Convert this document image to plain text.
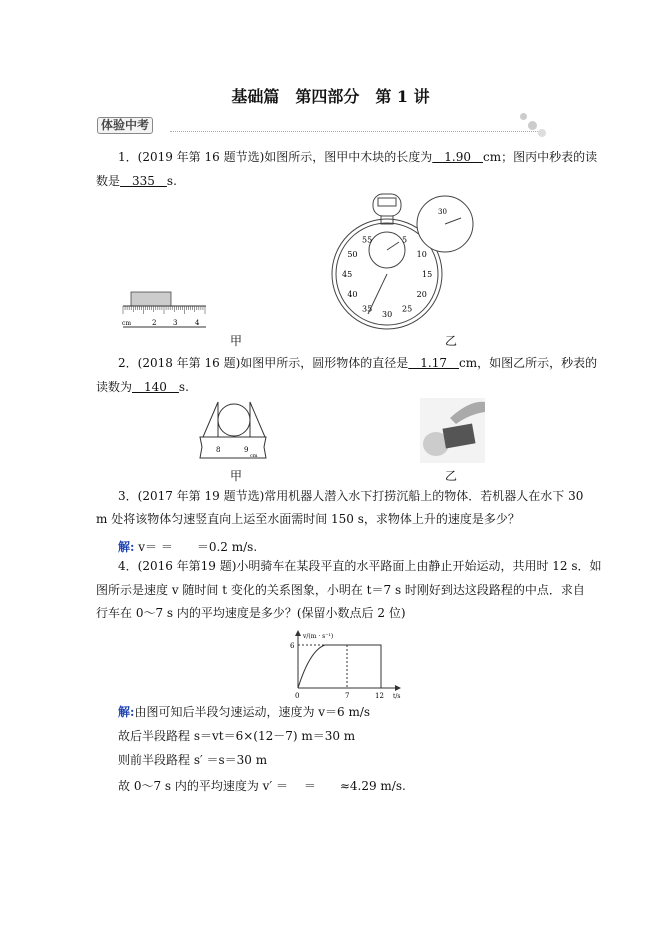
基础篇　第四部分　第 1 讲
体验中考
1．(2019 年第 16 题节选)如图所示，图甲中木块的长度为　1.90　cm；图丙中秒表的读
数是　335　s.
cm	2 3	4
30
55
50
45
40
35
30
25
20
15
10
5
甲	乙
2．(2018 年第 16 题)如图甲所示，圆形物体的直径是　1.17　cm，如图乙所示，秒表的
读数为　140　s.
8	9
cm
甲	乙
3．(2017 年第 19 题节选)常用机器人潜入水下打捞沉船上的物体．若机器人在水下 30
m 处将该物体匀速竖直向上运至水面需时间 150 s，求物体上升的速度是多少？
解: v＝ ＝　　＝0.2 m/s.
4．(2016 年第19 题)小明骑车在某段平直的水平路面上由静止开始运动，共用时 12 s．如
图所示是速度 v 随时间 t 变化的关系图象，小明在 t＝7 s 时刚好到达这段路程的中点．求自
行车在 0～7 s 内的平均速度是多少？(保留小数点后 2 位)
v/(m · s⁻¹)
6
0	7	12 t/s
解:由图可知后半段匀速运动，速度为 v＝6 m/s
故后半段路程 s＝vt＝6×(12－7) m＝30 m
则前半段路程 s′ ＝s＝30 m
故 0～7 s 内的平均速度为 v′ ＝　 ＝　　≈4.29 m/s.
